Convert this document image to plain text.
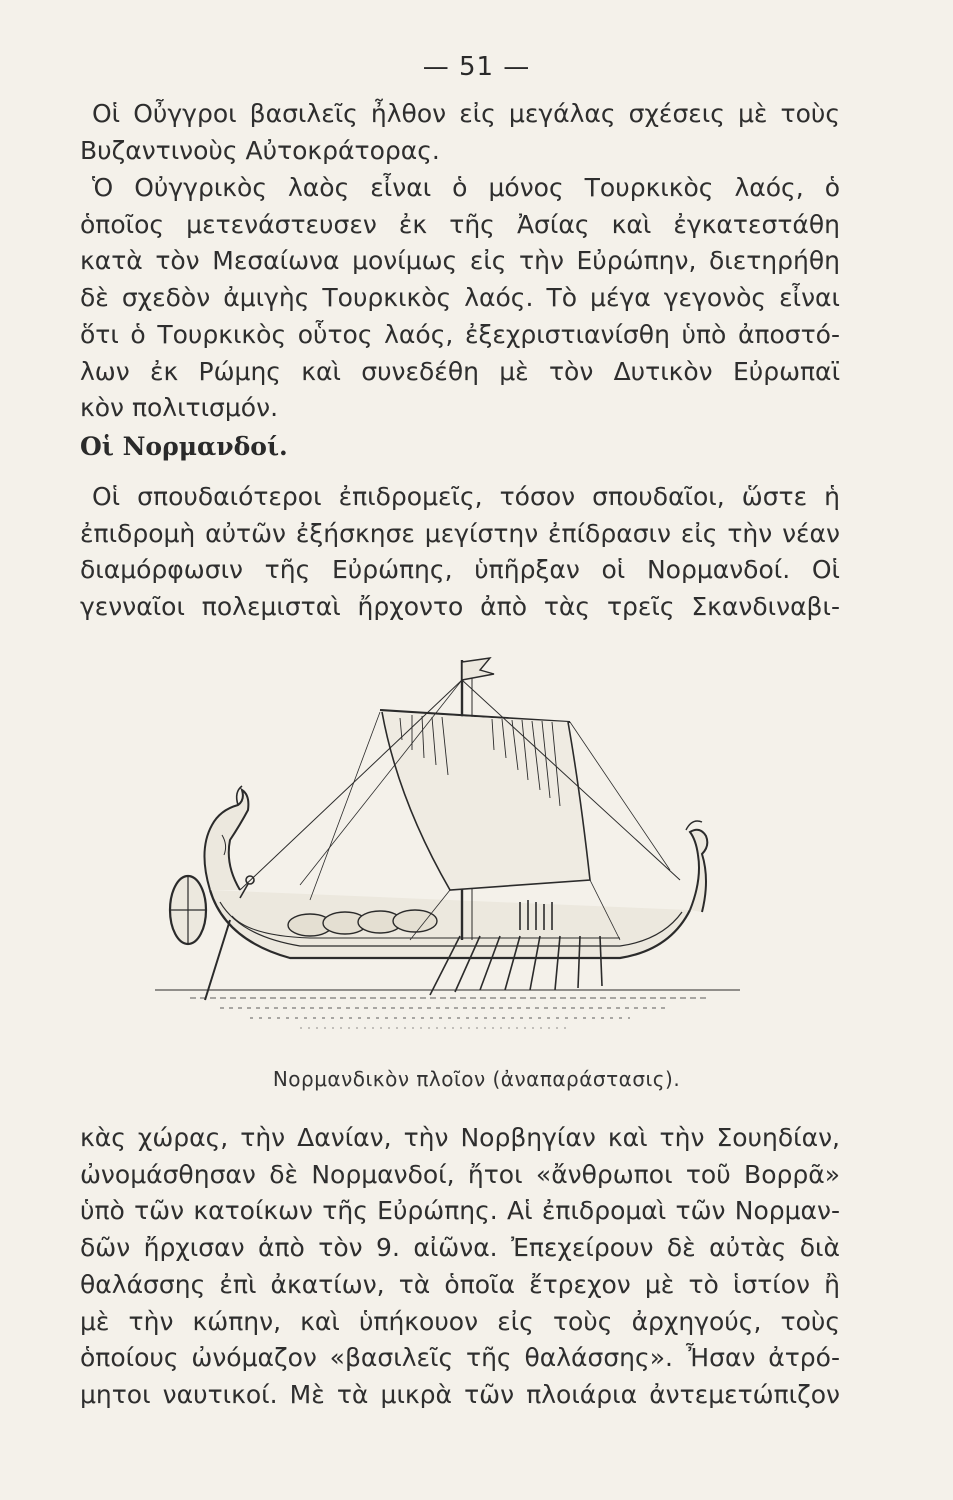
— 51 —
Οἱ Οὖγγροι βασιλεῖς ἦλθον εἰς μεγάλας σχέσεις μὲ τοὺς
Βυζαντινοὺς Αὐτοκράτορας.
Ὁ Οὐγγρικὸς λαὸς εἶναι ὁ μόνος Τουρκικὸς λαός, ὁ
ὁποῖος μετενάστευσεν ἐκ τῆς Ἀσίας καὶ ἐγκατεστάθη
κατὰ τὸν Μεσαίωνα μονίμως εἰς τὴν Εὐρώπην, διετηρήθη
δὲ σχεδὸν ἀμιγὴς Τουρκικὸς λαός. Τὸ μέγα γεγονὸς εἶναι
ὅτι ὁ Τουρκικὸς οὗτος λαός, ἐξεχριστιανίσθη ὑπὸ ἀποστό-
λων ἐκ Ρώμης καὶ συνεδέθη μὲ τὸν Δυτικὸν Εὐρωπαϊ
κὸν πολιτισμόν.
Οἱ Νορμανδοί.
Οἱ σπουδαιότεροι ἐπιδρομεῖς, τόσον σπουδαῖοι, ὥστε ἡ
ἐπιδρομὴ αὐτῶν ἐξήσκησε μεγίστην ἐπίδρασιν εἰς τὴν νέαν
διαμόρφωσιν τῆς Εὐρώπης, ὑπῆρξαν οἱ Νορμανδοί. Οἱ
γενναῖοι πολεμισταὶ ἤρχοντο ἀπὸ τὰς τρεῖς Σκανδιναβι-
Νορμανδικὸν πλοῖον (ἀναπαράστασις).
κὰς χώρας, τὴν Δανίαν, τὴν Νορβηγίαν καὶ τὴν Σουηδίαν,
ὠνομάσθησαν δὲ Νορμανδοί, ἤτοι «ἄνθρωποι τοῦ Βορρᾶ»
ὑπὸ τῶν κατοίκων τῆς Εὐρώπης. Αἱ ἐπιδρομαὶ τῶν Νορμαν-
δῶν ἤρχισαν ἀπὸ τὸν 9. αἰῶνα. Ἐπεχείρουν δὲ αὐτὰς διὰ
θαλάσσης ἐπὶ ἀκατίων, τὰ ὁποῖα ἔτρεχον μὲ τὸ ἱστίον ἢ
μὲ τὴν κώπην, καὶ ὑπήκουον εἰς τοὺς ἀρχηγούς, τοὺς
ὁποίους ὠνόμαζον «βασιλεῖς τῆς θαλάσσης». Ἦσαν ἀτρό-
μητοι ναυτικοί. Μὲ τὰ μικρὰ τῶν πλοιάρια ἀντεμετώπιζον
